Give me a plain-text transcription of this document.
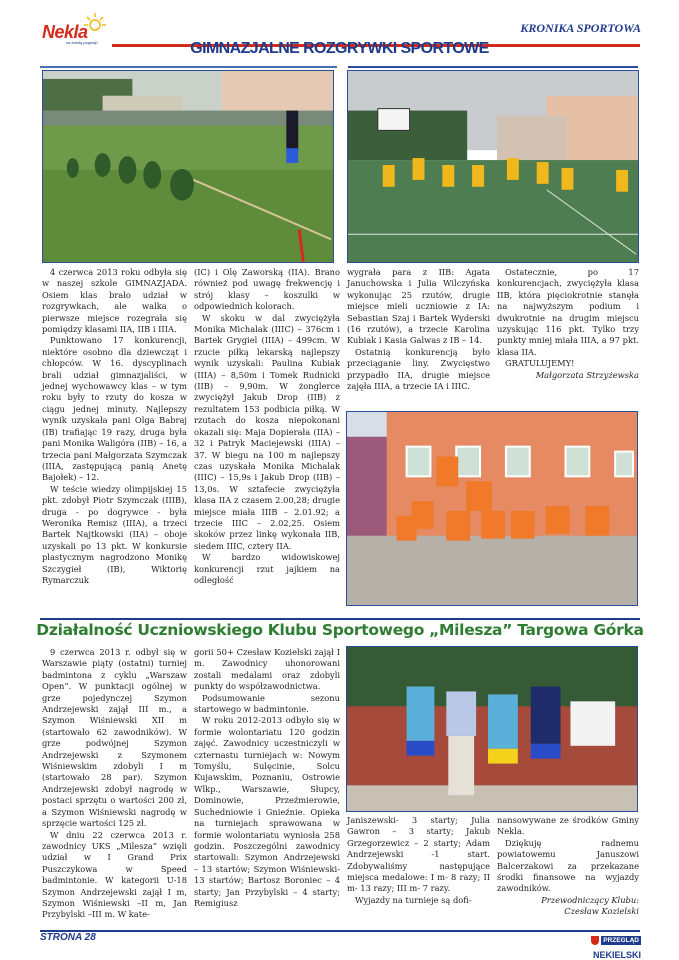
Nekla
na każdą pogodę!
KRONIKA SPORTOWA
GIMNAZJALNE ROZGRYWKI SPORTOWE

4 czerwca 2013 roku odbyła się w naszej szkole GIMNAZJADA. Osiem klas brało udział w rozgrywkach, ale walka o pierwsze miejsce rozegrała się pomiędzy klasami IIA, IIB i IIIA.

Punktowano 17 konkurencji, niektóre osobno dla dziewcząt i chłopców. W 16. dyscyplinach brali udział gimnazjaliści, w jednej wychowawcy klas – w tym roku były to rzuty do kosza w ciągu jednej minuty. Najlepszy wynik uzyskała pani Olga Babraj (IB) trafiając 19 razy, druga była pani Monika Waligóra (IIB) – 16, a trzecia pani Małgorzata Szymczak (IIIA, zastępującą panią Anetę Bajołek) – 12.

W teście wiedzy olimpijskiej 15 pkt. zdobył Piotr Szymczak (IIIB), druga - po dogrywce - była Weronika Remisz (IIIA), a trzeci Bartek Najtkowski (IIA) – oboje uzyskali po 13 pkt. W konkursie plastycznym nagrodzono Monikę Szczygieł (IB), Wiktorię Rymarczuk

(IC) i Olę Zaworską (IIA). Brano również pod uwagę frekwencję i strój klasy – koszulki w odpowiednich kolorach.

W skoku w dal zwyciężyła Monika Michalak (IIIC) – 376cm i Bartek Grygiel (IIIA) – 499cm. W rzucie piłką lekarską najlepszy wynik uzyskali: Paulina Kubiak (IIIA) – 8,50m i Tomek Rudnicki (IIB) – 9,90m. W żonglerce zwyciężył Jakub Drop (IIB) z rezultatem 153 podbicia piłką. W rzutach do kosza niepokonani okazali się: Maja Dopierała (IIA) – 32 i Patryk Maciejewski (IIIA) – 37. W biegu na 100 m najlepszy czas uzyskała Monika Michalak (IIIC) – 15,9s i Jakub Drop (IIB) – 13,0s. W sztafecie zwyciężyła klasa IIA z czasem 2.00,28; drugie miejsce miała IIIB – 2.01.92; a trzecie IIIC – 2.02,25. Osiem skoków przez linkę wykonała IIB, siedem IIIC, cztery IIA.

W bardzo widowiskowej konkurencji rzut jajkiem na odległość

wygrała para z IIB: Agata Januchowska i Julia Wilczyńska wykonując 25 rzutów, drugie miejsce mieli uczniowie z IA: Sebastian Szaj i Bartek Wyderski (16 rzutów), a trzecie Karolina Kubiak i Kasia Galwas z IB – 14.

Ostatnią konkurencją było przeciąganie liny. Zwycięstwo przypadło IIA, drugie miejsce zajęła IIIA, a trzecie IA i IIIC.

Ostatecznie, po 17 konkurencjach, zwyciężyła klasa IIB, która pięciokrotnie stanęła na najwyższym podium i dwukrotnie na drugim miejscu uzyskując 116 pkt. Tylko trzy punkty mniej miała IIIA, a 97 pkt. klasa IIA.

GRATULUJEMY!

Małgorzata Strzyżewska

Działalność Uczniowskiego Klubu Sportowego „Milesza” Targowa Górka

9 czerwca 2013 r. odbył się w Warszawie piąty (ostatni) turniej badmintona z cyklu „Warszaw Open”. W punktacji ogólnej w grze pojedynczej Szymon Andrzejewski zajął III m., a Szymon Wiśniewski XII m (startowało 62 zawodników). W grze podwójnej Szymon Andrzejewski z Szymonem Wiśniewskim zdobyli I m (startowało 28 par). Szymon Andrzejewski zdobył nagrodę w postaci sprzętu o wartości 200 zł, a Szymon Wiśniewski nagrodę w sprzęcie wartości 125 zł.

W dniu 22 czerwca 2013 r. zawodnicy UKS „Milesza” wzięli udział w I Grand Prix Puszczykowa w Speed badmintonie. W kategorii U-18 Szymon Andrzejewski zajął I m, Szymon Wiśniewski –II m, Jan Przybylski –III m. W kate-

gorii 50+ Czesław Kozielski zajął I m. Zawodnicy uhonorowani zostali medalami oraz zdobyli punkty do współzawodnictwa.

Podsumowanie sezonu startowego w badmintonie.

W roku 2012-2013 odbyło się w formie wolontariatu 120 godzin zajęć. Zawodnicy uczestniczyli w czternastu turniejach w: Nowym Tomyślu, Sulęcinie, Solcu Kujawskim, Poznaniu, Ostrowie Wlkp., Warszawie, Słupcy, Dominowie, Przeźmierowie, Suchedniowie i Gnieźnie. Opieka na turniejach sprawowana w formie wolontariatu wyniosła 258 godzin. Poszczególni zawodnicy startowali: Szymon Andrzejewski – 13 startów; Szymon Wiśniewski- 13 startów; Bartosz Boroniec – 4 starty; Jan Przybylski – 4 starty; Remigiusz

Janiszewski- 3 starty; Julia Gawron – 3 starty; Jakub Grzegorzewicz – 2 starty; Adam Andrzejewski -1 start. Zdobywaliśmy następujące miejsca medalowe: I m- 8 razy; II m- 13 razy; III m- 7 razy.

Wyjazdy na turnieje są dofi-

nansowywane ze środków Gminy Nekla.

Dziękuję radnemu powiatowemu Januszowi Balcerzakowi za przekazane środki finansowe na wyjazdy zawodników.

Przewodniczący Klubu:

Czesław Kozielski

STRONA 28	PRZEGLĄD
NEKIELSKI
